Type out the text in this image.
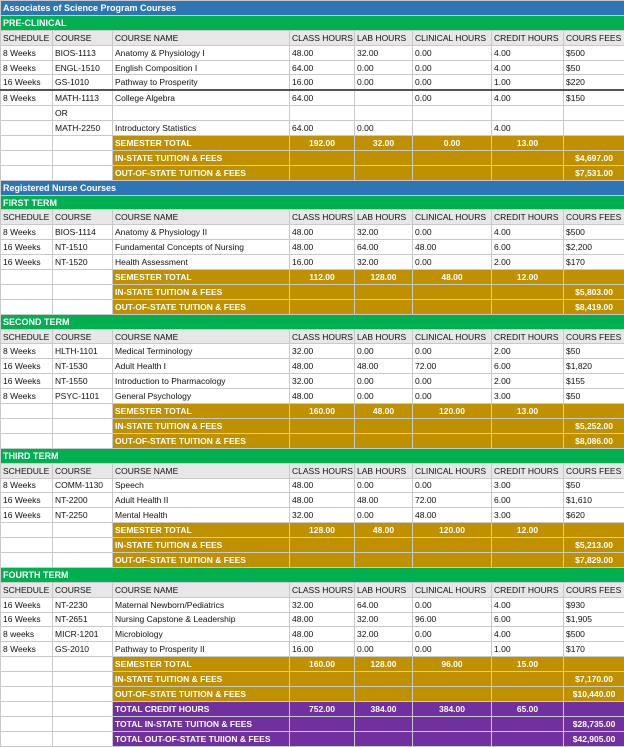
Associates of Science Program Courses							
PRE-CLINICAL							
SCHEDULE	COURSE	COURSE NAME	CLASS HOURS	LAB HOURS	CLINICAL HOURS	CREDIT HOURS	COURS FEES
8 Weeks	BIOS-1113	Anatomy & Physiology I	48.00	32.00	0.00	4.00	$500
8 Weeks	ENGL-1510	English Composition I	64.00	0.00	0.00	4.00	$50
16 Weeks	GS-1010	Pathway to Prosperity	16.00	0.00	0.00	1.00	$220
8 Weeks	MATH-1113	College Algebra	64.00		0.00	4.00	$150
	OR						
	MATH-2250	Introductory Statistics	64.00	0.00		4.00	
		SEMESTER TOTAL	192.00	32.00	0.00	13.00	
		IN-STATE TUITION & FEES					$4,697.00
		OUT-OF-STATE TUITION & FEES					$7,531.00
Registered Nurse Courses							
FIRST TERM							
SCHEDULE	COURSE	COURSE NAME	CLASS HOURS	LAB HOURS	CLINICAL HOURS	CREDIT HOURS	COURS FEES
8 Weeks	BIOS-1114	Anatomy & Physiology II	48.00	32.00	0.00	4.00	$500
16 Weeks	NT-1510	Fundamental Concepts of Nursing	48.00	64.00	48.00	6.00	$2,200
16 Weeks	NT-1520	Health Assessment	16.00	32.00	0.00	2.00	$170
		SEMESTER TOTAL	112.00	128.00	48.00	12.00	
		IN-STATE TUITION & FEES					$5,803.00
		OUT-OF-STATE TUITION & FEES					$8,419.00
SECOND TERM							
SCHEDULE	COURSE	COURSE NAME	CLASS HOURS	LAB HOURS	CLINICAL HOURS	CREDIT HOURS	COURS FEES
8 Weeks	HLTH-1101	Medical Terminology	32.00	0.00	0.00	2.00	$50
16 Weeks	NT-1530	Adult Health I	48.00	48.00	72.00	6.00	$1,820
16 Weeks	NT-1550	Introduction to Pharmacology	32.00	0.00	0.00	2.00	$155
8 Weeks	PSYC-1101	General Psychology	48.00	0.00	0.00	3.00	$50
		SEMESTER TOTAL	160.00	48.00	120.00	13.00	
		IN-STATE TUITION & FEES					$5,252.00
		OUT-OF-STATE TUITION & FEES					$8,086.00
THIRD TERM							
SCHEDULE	COURSE	COURSE NAME	CLASS HOURS	LAB HOURS	CLINICAL HOURS	CREDIT HOURS	COURS FEES
8 Weeks	COMM-1130	Speech	48.00	0.00	0.00	3.00	$50
16 Weeks	NT-2200	Adult Health II	48.00	48.00	72.00	6.00	$1,610
16 Weeks	NT-2250	Mental Health	32.00	0.00	48.00	3.00	$620
		SEMESTER TOTAL	128.00	48.00	120.00	12.00	
		IN-STATE TUITION & FEES					$5,213.00
		OUT-OF-STATE TUITION & FEES					$7,829.00
FOURTH TERM							
SCHEDULE	COURSE	COURSE NAME	CLASS HOURS	LAB HOURS	CLINICAL HOURS	CREDIT HOURS	COURS FEES
16 Weeks	NT-2230	Maternal Newborn/Pediatrics	32.00	64.00	0.00	4.00	$930
16 Weeks	NT-2651	Nursing Capstone & Leadership	48.00	32.00	96.00	6.00	$1,905
8 weeks	MICR-1201	Microbiology	48.00	32.00	0.00	4.00	$500
8 Weeks	GS-2010	Pathway to Prosperity II	16.00	0.00	0.00	1.00	$170
		SEMESTER TOTAL	160.00	128.00	96.00	15.00	
		IN-STATE TUITION & FEES					$7,170.00
		OUT-OF-STATE TUITION & FEES					$10,440.00
		TOTAL CREDIT HOURS	752.00	384.00	384.00	65.00	
		TOTAL IN-STATE TUITION & FEES					$28,735.00
		TOTAL OUT-OF-STATE TUIION & FEES					$42,905.00
